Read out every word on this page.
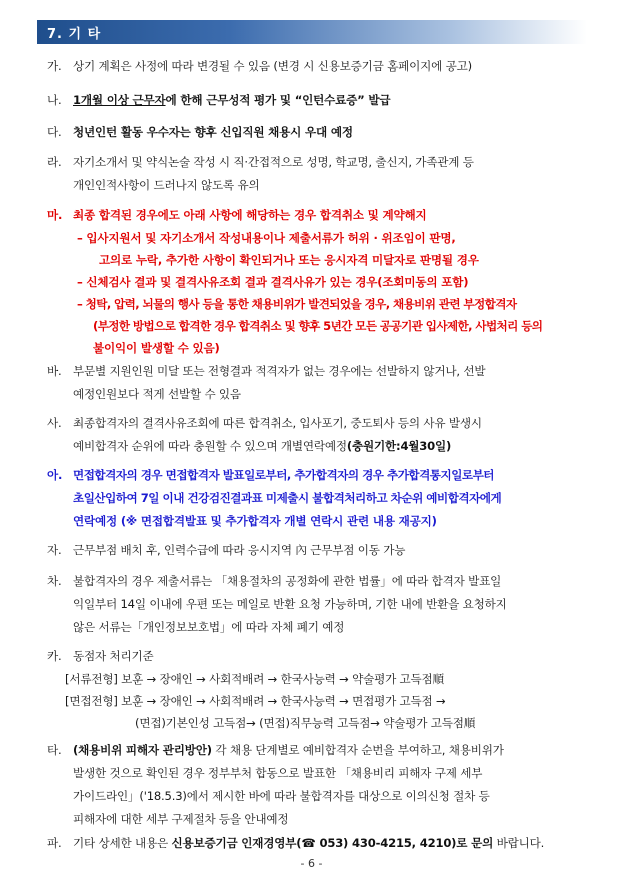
7. 기 타
가. 상기 계획은 사정에 따라 변경될 수 있음 (변경 시 신용보증기금 홈페이지에 공고)
나. 1개월 이상 근무자에 한해 근무성적 평가 및 “인턴수료증” 발급
다. 청년인턴 활동 우수자는 향후 신입직원 채용시 우대 예정
라. 자기소개서 및 약식논술 작성 시 직·간접적으로 성명, 학교명, 출신지, 가족관계 등
개인인적사항이 드러나지 않도록 유의
마. 최종 합격된 경우에도 아래 사항에 해당하는 경우 합격취소 및 계약해지
– 입사지원서 및 자기소개서 작성내용이나 제출서류가 허위 · 위조임이 판명,
고의로 누락, 추가한 사항이 확인되거나 또는 응시자격 미달자로 판명될 경우
– 신체검사 결과 및 결격사유조회 결과 결격사유가 있는 경우(조회미동의 포함)
– 청탁, 압력, 뇌물의 행사 등을 통한 채용비위가 발견되었을 경우, 채용비위 관련 부정합격자
(부정한 방법으로 합격한 경우 합격취소 및 향후 5년간 모든 공공기관 입사제한, 사법처리 등의
불이익이 발생할 수 있음)
바. 부문별 지원인원 미달 또는 전형결과 적격자가 없는 경우에는 선발하지 않거나, 선발
예정인원보다 적게 선발할 수 있음
사. 최종합격자의 결격사유조회에 따른 합격취소, 입사포기, 중도퇴사 등의 사유 발생시
예비합격자 순위에 따라 충원할 수 있으며 개별연락예정(충원기한:4월30일)
아. 면접합격자의 경우 면접합격자 발표일로부터, 추가합격자의 경우 추가합격통지일로부터
초일산입하여 7일 이내 건강검진결과표 미제출시 불합격처리하고 차순위 예비합격자에게
연락예정 (※ 면접합격발표 및 추가합격자 개별 연락시 관련 내용 재공지)
자. 근무부점 배치 후, 인력수급에 따라 응시지역 內 근무부점 이동 가능
차. 불합격자의 경우 제출서류는 「채용절차의 공정화에 관한 법률」에 따라 합격자 발표일
익일부터 14일 이내에 우편 또는 메일로 반환 요청 가능하며, 기한 내에 반환을 요청하지
않은 서류는「개인정보보호법」에 따라 자체 폐기 예정
카. 동점자 처리기준
[서류전형] 보훈 → 장애인 → 사회적배려 → 한국사능력 → 약술평가 고득점順
[면접전형] 보훈 → 장애인 → 사회적배려 → 한국사능력 → 면접평가 고득점 →
(면접)기본인성 고득점→ (면접)직무능력 고득점→ 약술평가 고득점順
타. (채용비위 피해자 관리방안) 각 채용 단계별로 예비합격자 순번을 부여하고, 채용비위가
발생한 것으로 확인된 경우 정부부처 합동으로 발표한 「채용비리 피해자 구제 세부
가이드라인」('18.5.3)에서 제시한 바에 따라 불합격자를 대상으로 이의신청 절차 등
피해자에 대한 세부 구제절차 등을 안내예정
파. 기타 상세한 내용은 신용보증기금 인재경영부(☎ 053) 430-4215, 4210)로 문의 바랍니다.
- 6 -
